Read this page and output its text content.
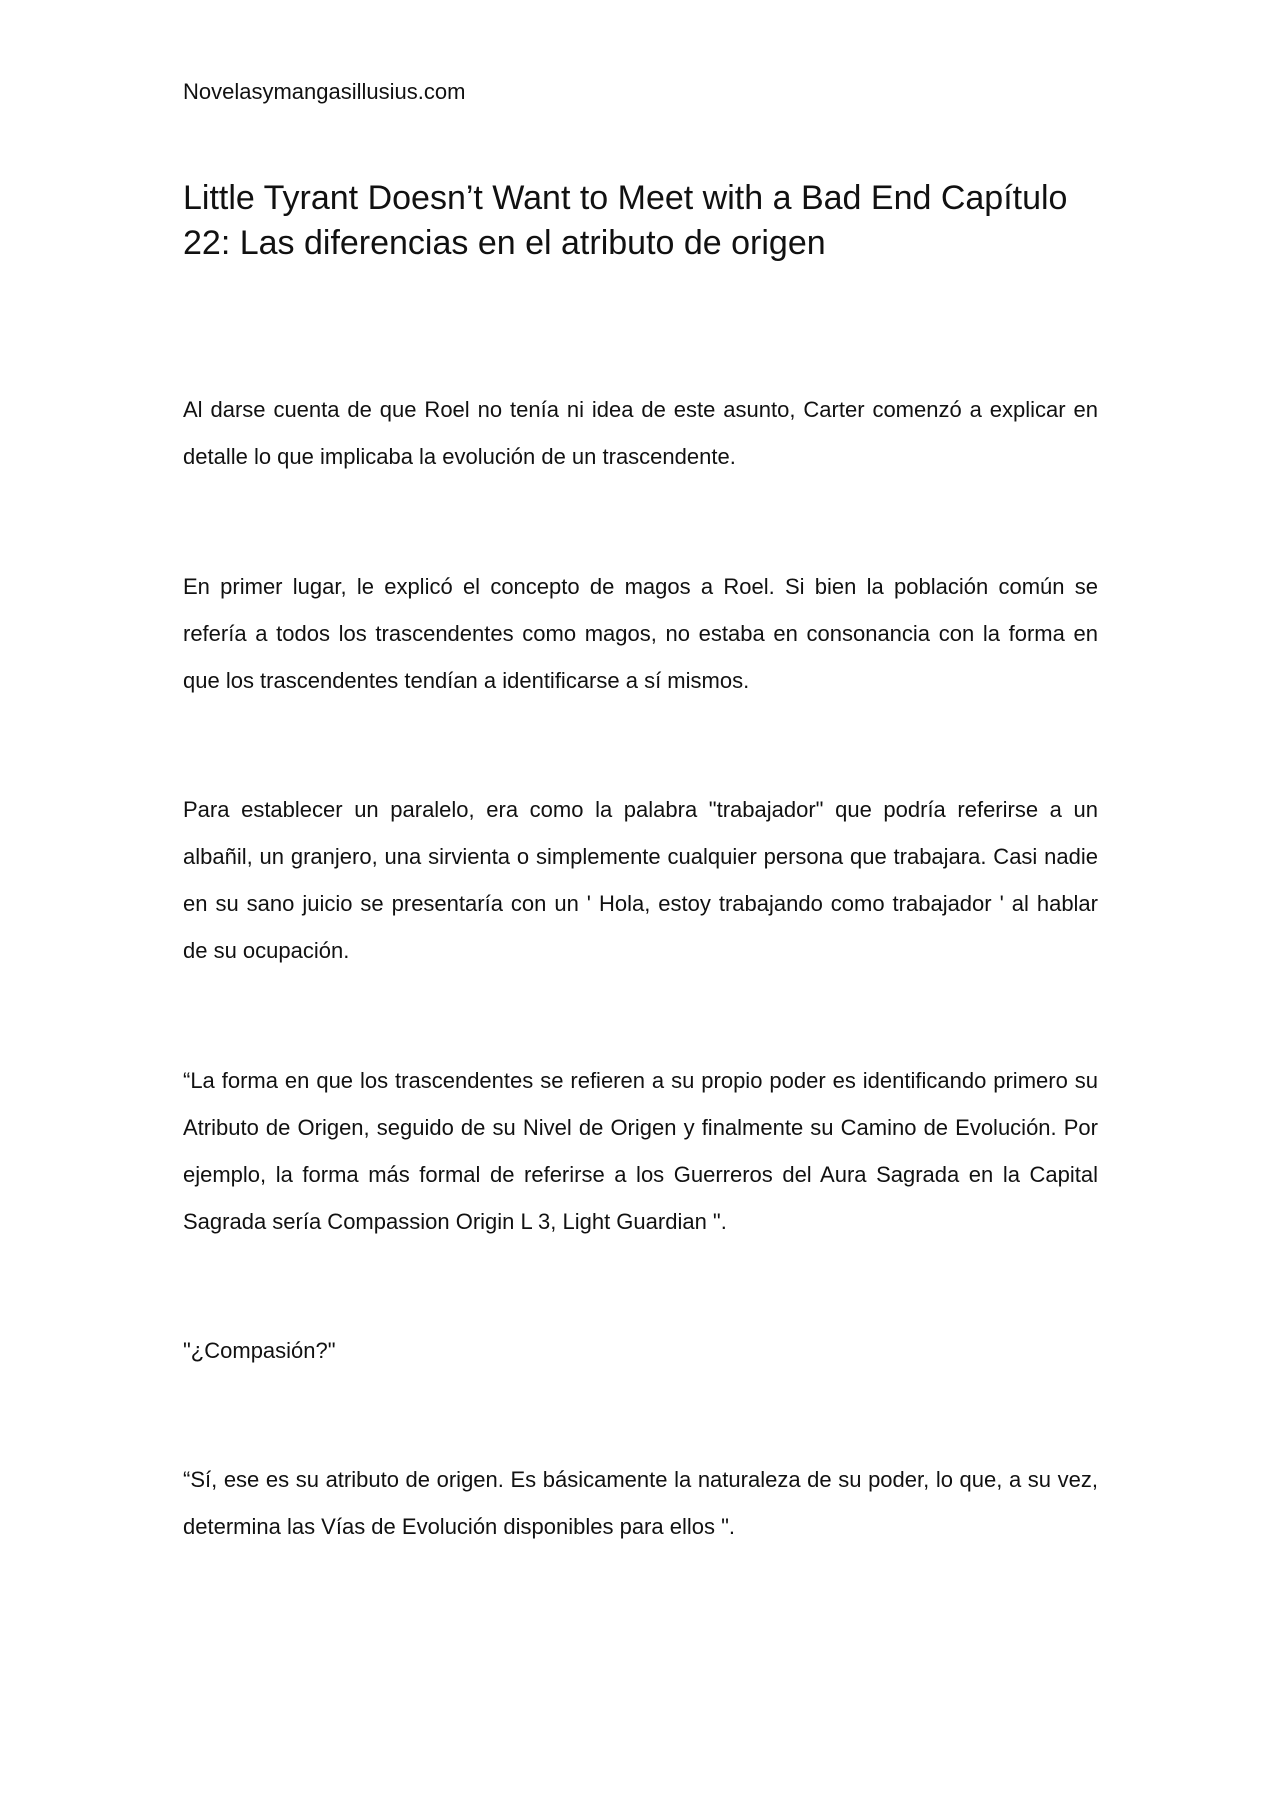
Novelasymangasillusius.com
Little Tyrant Doesn’t Want to Meet with a Bad End Capítulo 22: Las diferencias en el atributo de origen

Al darse cuenta de que Roel no tenía ni idea de este asunto, Carter comenzó a explicar en detalle lo que implicaba la evolución de un trascendente.

En primer lugar, le explicó el concepto de magos a Roel. Si bien la población común se refería a todos los trascendentes como magos, no estaba en consonancia con la forma en que los trascendentes tendían a identificarse a sí mismos.

Para establecer un paralelo, era como la palabra "trabajador" que podría referirse a un albañil, un granjero, una sirvienta o simplemente cualquier persona que trabajara. Casi nadie en su sano juicio se presentaría con un ' Hola, estoy trabajando como trabajador ' al hablar de su ocupación.

“La forma en que los trascendentes se refieren a su propio poder es identificando primero su Atributo de Origen, seguido de su Nivel de Origen y finalmente su Camino de Evolución. Por ejemplo, la forma más formal de referirse a los Guerreros del Aura Sagrada en la Capital Sagrada sería Compassion Origin L 3, Light Guardian ".

"¿Compasión?"

“Sí, ese es su atributo de origen. Es básicamente la naturaleza de su poder, lo que, a su vez, determina las Vías de Evolución disponibles para ellos ".
